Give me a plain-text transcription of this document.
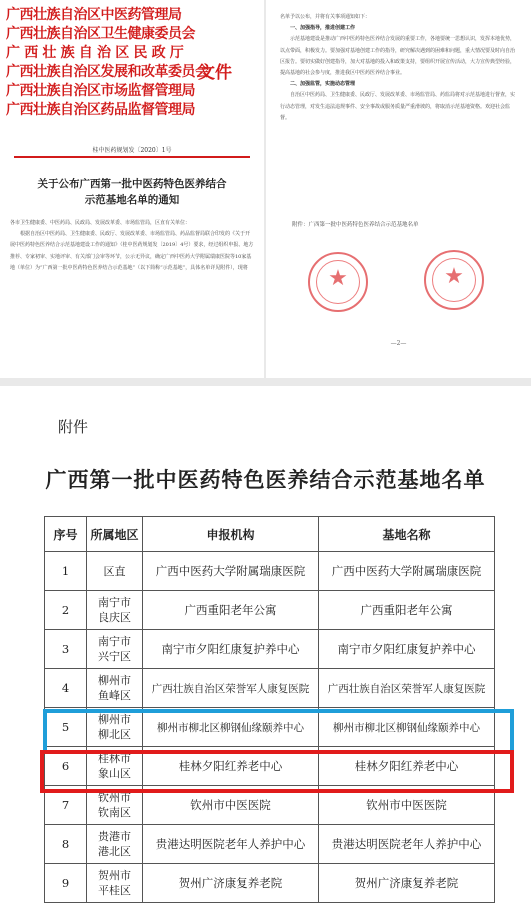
广西壮族自治区中医药管理局
广西壮族自治区卫生健康委员会
广西壮族自治区民政厅
广西壮族自治区发展和改革委员会
广西壮族自治区市场监督管理局
广西壮族自治区药品监督管理局
文件
桂中医药规划发〔2020〕1号
关于公布广西第一批中医药特色医养结合
示范基地名单的通知

各市卫生健康委、中医药局、民政局、发展改革委、市场监管局，区直有关单位：

根据自治区中医药局、卫生健康委、民政厅、发展改革委、市场监管局、药品监督局联合印发的《关于开展中医药特色医养结合示范基地建设工作的通知》（桂中医药规划发〔2019〕4号）要求，经过组织申报、地方推荐、专家初审、实地评审、有关部门会审等环节，公示无异议，确定广西中医药大学附属瑞康医院等10家基地（单位）为“广西第一批中医药特色医养结合示范基地”（以下简称“示范基地”，具体名单详见附件），现将

名单予以公布，并将有关事项通知如下：

一、加强指导，推进创建工作

示范基地建设是推动广西中医药特色医养结合发展的重要工作，各地要统一思想认识，发挥本地优势，以点带面，积极发力。要加强对基地创建工作的指导，研究解决遇到的困难和问题，重大情况要及时向自治区报告。要切实做好创建指导，加大对基地的投入和政策支持，要组织开展宣传活动，大力宣传典型经验，提高基地的社会参与度，推进我区中医药医养结合事业。

二、加强监管，实施动态管理

自治区中医药局、卫生健康委、民政厅、发展改革委、市场监管局、药监局将对示范基地进行督查，实行动态管理，对发生违法违规事件、安全事故或服务质量严重滑坡的，将取消示范基地资格。欢迎社会监督。

附件：广西第一批中医药特色医养结合示范基地名单
★	★
—2—
附件
广西第一批中医药特色医养结合示范基地名单
序号	所属地区	申报机构	基地名称
1	区直	广西中医药大学附属瑞康医院	广西中医药大学附属瑞康医院
2	南宁市
良庆区	广西重阳老年公寓	广西重阳老年公寓
3	南宁市
兴宁区	南宁市夕阳红康复护养中心	南宁市夕阳红康复护养中心
4	柳州市
鱼峰区	广西壮族自治区荣誉军人康复医院	广西壮族自治区荣誉军人康复医院
5	柳州市
柳北区	柳州市柳北区柳钢仙缘颐养中心	柳州市柳北区柳钢仙缘颐养中心
6	桂林市
象山区	桂林夕阳红养老中心	桂林夕阳红养老中心
7	钦州市
钦南区	钦州市中医医院	钦州市中医医院
8	贵港市
港北区	贵港达明医院老年人养护中心	贵港达明医院老年人养护中心
9	贺州市
平桂区	贺州广济康复养老院	贺州广济康复养老院
